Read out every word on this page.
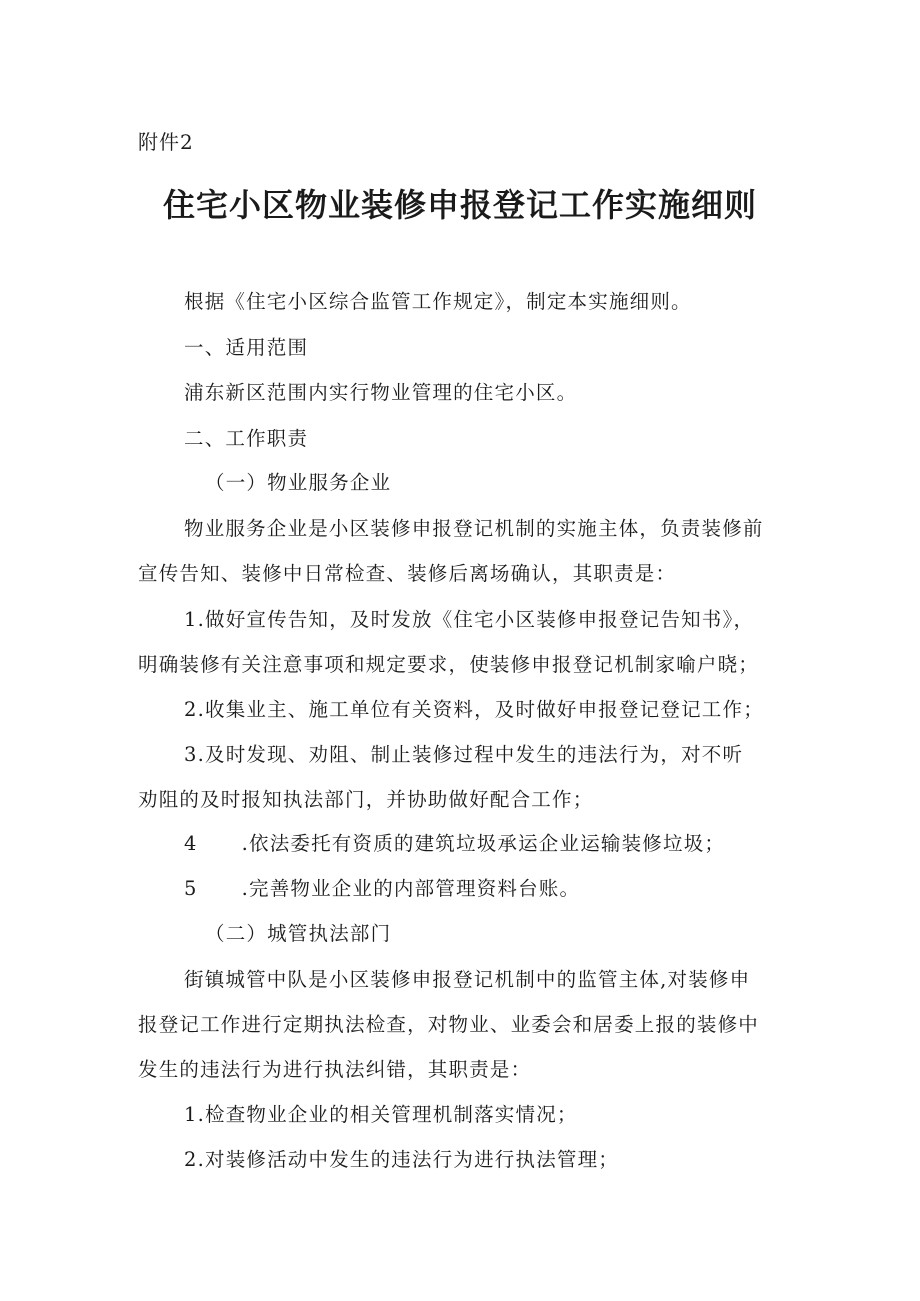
附件2
住宅小区物业装修申报登记工作实施细则
根据《住宅小区综合监管工作规定》，制定本实施细则。
一、适用范围
浦东新区范围内实行物业管理的住宅小区。
二、工作职责
（一）物业服务企业
物业服务企业是小区装修申报登记机制的实施主体，负责装修前
宣传告知、装修中日常检查、装修后离场确认，其职责是：
1.做好宣传告知，及时发放《住宅小区装修申报登记告知书》，
明确装修有关注意事项和规定要求，使装修申报登记机制家喻户晓；
2.收集业主、施工单位有关资料，及时做好申报登记登记工作；
3.及时发现、劝阻、制止装修过程中发生的违法行为，对不听
劝阻的及时报知执法部门，并协助做好配合工作；
4 .依法委托有资质的建筑垃圾承运企业运输装修垃圾；
5 .完善物业企业的内部管理资料台账。
（二）城管执法部门
街镇城管中队是小区装修申报登记机制中的监管主体,对装修申
报登记工作进行定期执法检查，对物业、业委会和居委上报的装修中
发生的违法行为进行执法纠错，其职责是：
1.检查物业企业的相关管理机制落实情况；
2.对装修活动中发生的违法行为进行执法管理；
